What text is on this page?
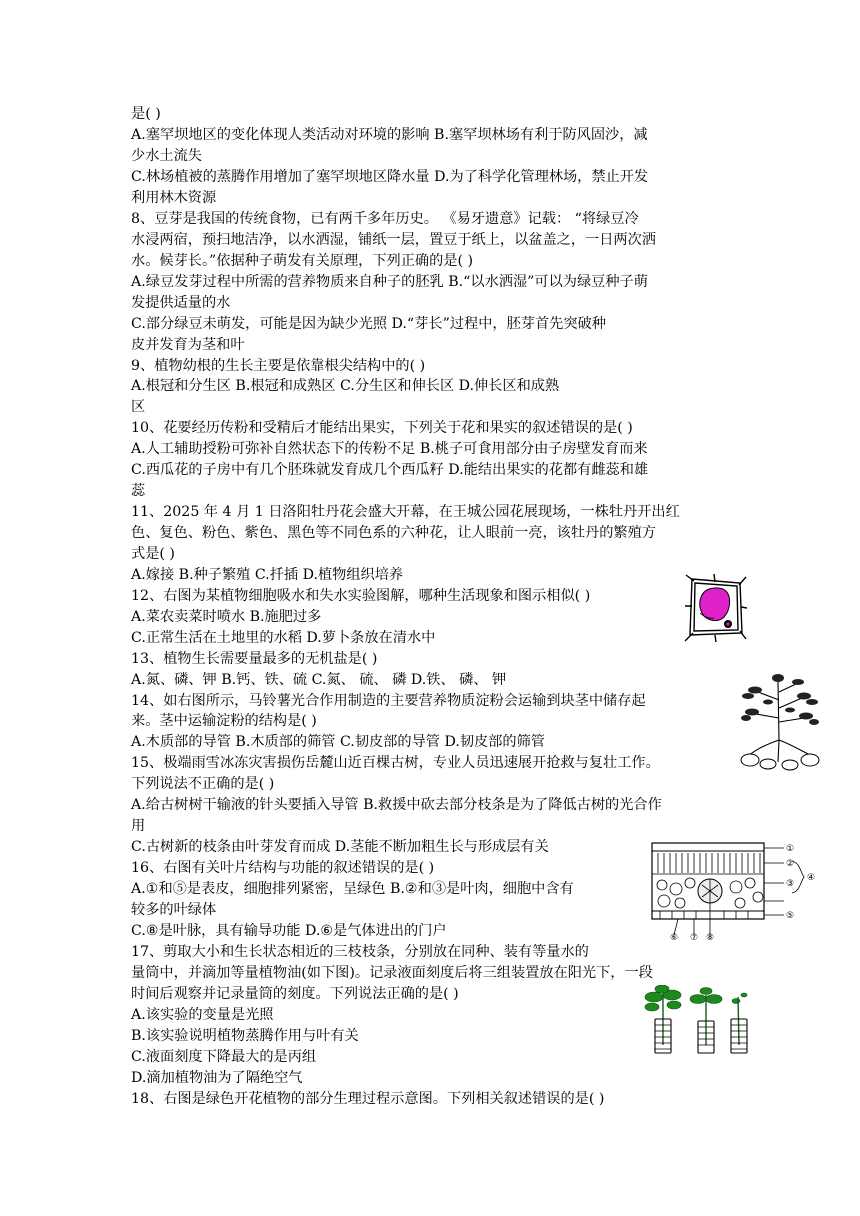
是( )
A.塞罕坝地区的变化体现人类活动对环境的影响 B.塞罕坝林场有利于防风固沙，减
少水土流失
C.林场植被的蒸腾作用增加了塞罕坝地区降水量 D.为了科学化管理林场，禁止开发
利用林木资源
8、豆芽是我国的传统食物，已有两千多年历史。 《易牙遗意》记载： “将绿豆冷
水浸两宿，预扫地洁净，以水洒湿，铺纸一层，置豆于纸上，以盆盖之，一日两次洒
水。候芽长。”依据种子萌发有关原理，下列正确的是( )
A.绿豆发芽过程中所需的营养物质来自种子的胚乳 B.“以水洒湿”可以为绿豆种子萌
发提供适量的水
C.部分绿豆未萌发，可能是因为缺少光照 D.“芽长”过程中，胚芽首先突破种
皮并发育为茎和叶
9、植物幼根的生长主要是依靠根尖结构中的( )
A.根冠和分生区 B.根冠和成熟区 C.分生区和伸长区 D.伸长区和成熟
区
10、花要经历传粉和受精后才能结出果实，下列关于花和果实的叙述错误的是( )
A.人工辅助授粉可弥补自然状态下的传粉不足 B.桃子可食用部分由子房壁发育而来
C.西瓜花的子房中有几个胚珠就发育成几个西瓜籽 D.能结出果实的花都有雌蕊和雄
蕊
11、2025 年 4 月 1 日洛阳牡丹花会盛大开幕，在王城公园花展现场，一株牡丹开出红
色、复色、粉色、紫色、黑色等不同色系的六种花，让人眼前一亮，该牡丹的繁殖方
式是( )
A.嫁接 B.种子繁殖 C.扦插 D.植物组织培养
12、右图为某植物细胞吸水和失水实验图解，哪种生活现象和图示相似( )
A.菜农卖菜时喷水 B.施肥过多
C.正常生活在土地里的水稻 D.萝卜条放在清水中
13、植物生长需要量最多的无机盐是( )
A.氮、磷、钾 B.钙、铁、硫 C.氮、 硫、 磷 D.铁、 磷、 钾
14、如右图所示，马铃薯光合作用制造的主要营养物质淀粉会运输到块茎中储存起
来。茎中运输淀粉的结构是( )
A.木质部的导管 B.木质部的筛管 C.韧皮部的导管 D.韧皮部的筛管
15、极端雨雪冰冻灾害损伤岳麓山近百棵古树，专业人员迅速展开抢救与复壮工作。
下列说法不正确的是( )
A.给古树树干输液的针头要插入导管 B.救援中砍去部分枝条是为了降低古树的光合作
用
C.古树新的枝条由叶芽发育而成 D.茎能不断加粗生长与形成层有关
16、右图有关叶片结构与功能的叙述错误的是( )
A.①和⑤是表皮，细胞排列紧密，呈绿色 B.②和③是叶肉，细胞中含有
较多的叶绿体
C.⑧是叶脉，具有输导功能 D.⑥是气体进出的门户
17、剪取大小和生长状态相近的三枝枝条，分别放在同种、装有等量水的
量筒中，并滴加等量植物油(如下图)。记录液面刻度后将三组装置放在阳光下，一段
时间后观察并记录量筒的刻度。下列说法正确的是( )
A.该实验的变量是光照
B.该实验说明植物蒸腾作用与叶有关
C.液面刻度下降最大的是丙组
D.滴加植物油为了隔绝空气
18、右图是绿色开花植物的部分生理过程示意图。下列相关叙述错误的是( )
①
②
③
④
⑤
⑥ ⑦ ⑧
